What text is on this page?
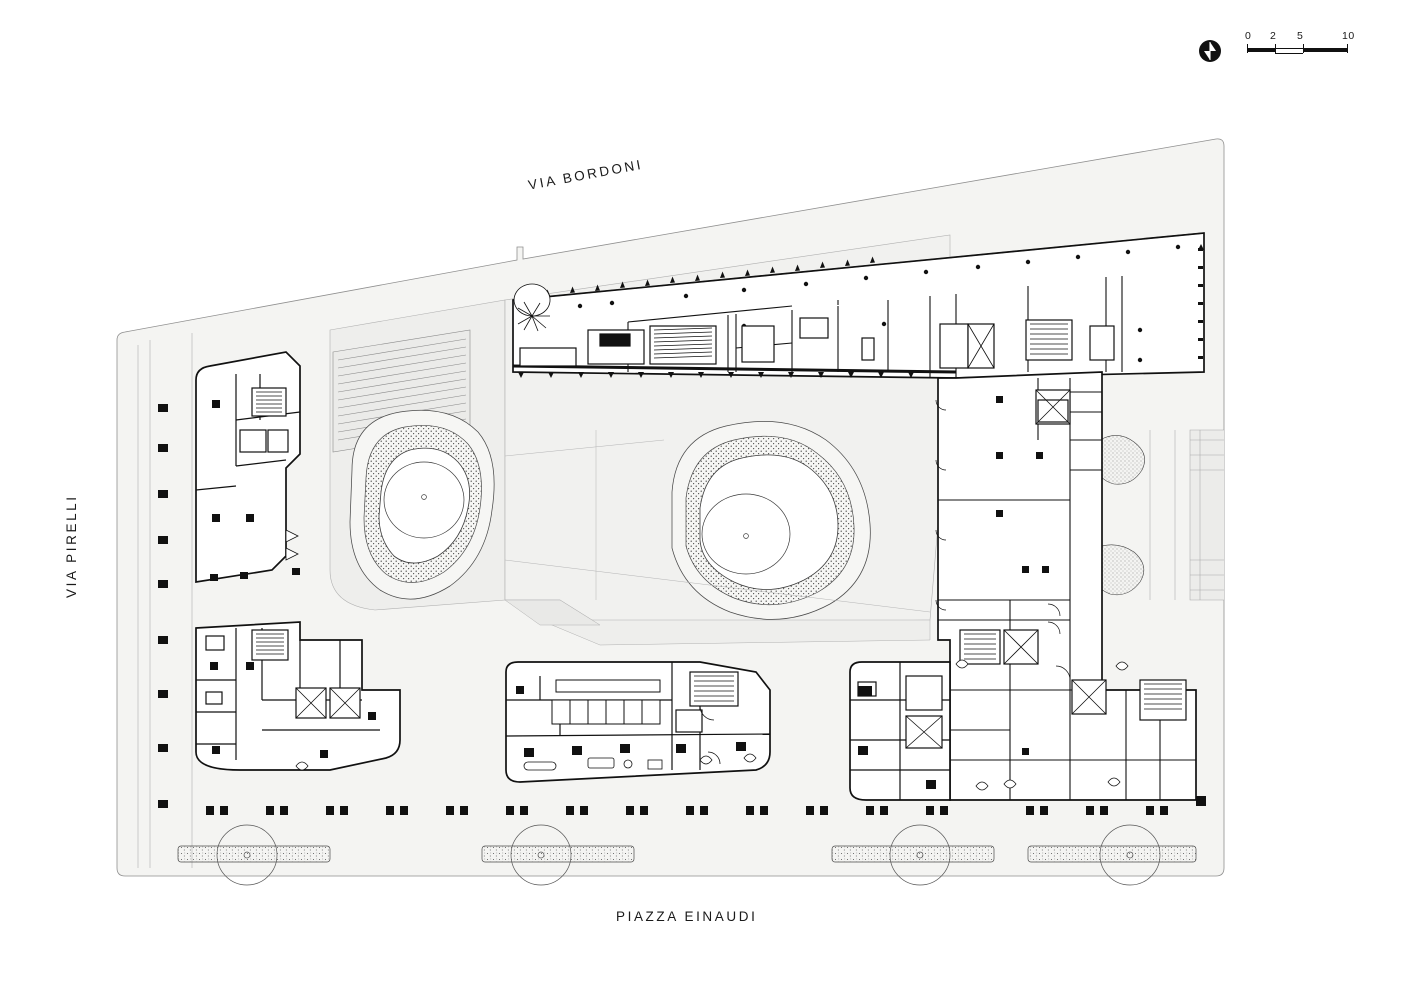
VIA BORDONI
VIA PIRELLI
PIAZZA EINAUDI
0 2 5	10
